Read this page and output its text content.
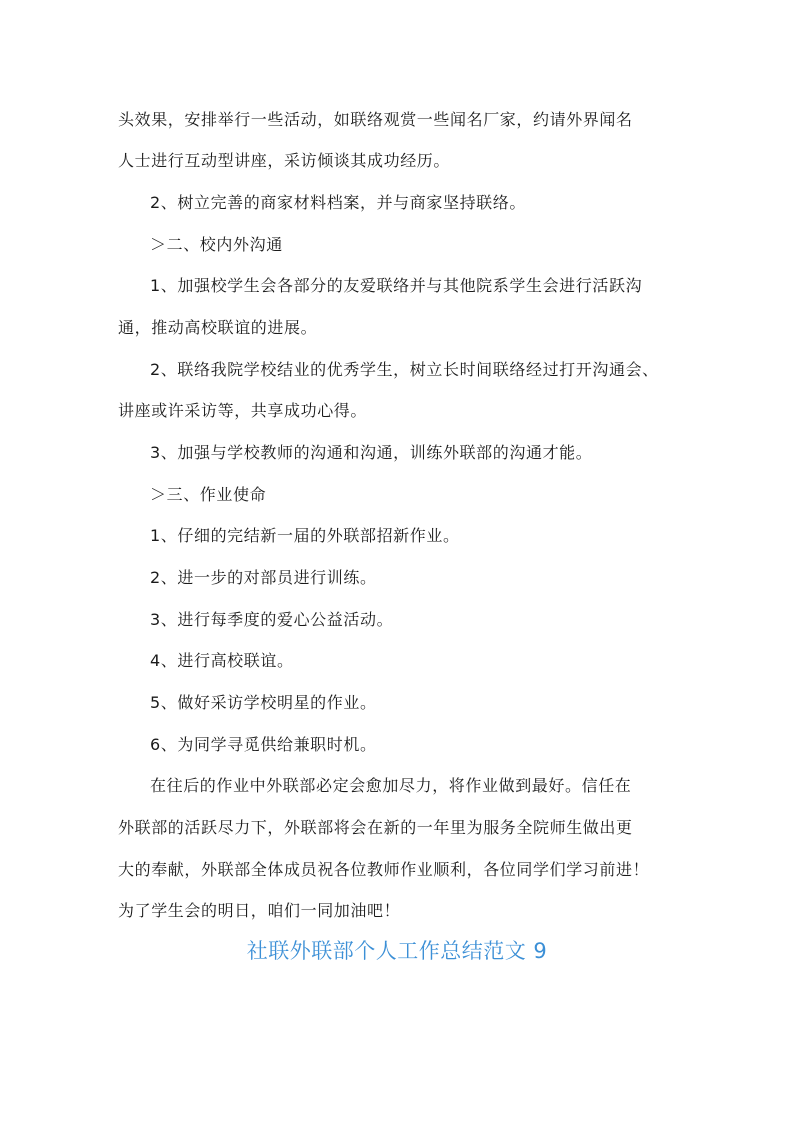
头效果，安排举行一些活动，如联络观赏一些闻名厂家，约请外界闻名
人士进行互动型讲座，采访倾谈其成功经历。
2、树立完善的商家材料档案，并与商家坚持联络。
＞二、校内外沟通
1、加强校学生会各部分的友爱联络并与其他院系学生会进行活跃沟
通，推动高校联谊的进展。
2、联络我院学校结业的优秀学生，树立长时间联络经过打开沟通会、
讲座或许采访等，共享成功心得。
3、加强与学校教师的沟通和沟通，训练外联部的沟通才能。
＞三、作业使命
1、仔细的完结新一届的外联部招新作业。
2、进一步的对部员进行训练。
3、进行每季度的爱心公益活动。
4、进行高校联谊。
5、做好采访学校明星的作业。
6、为同学寻觅供给兼职时机。
在往后的作业中外联部必定会愈加尽力，将作业做到最好。信任在
外联部的活跃尽力下，外联部将会在新的一年里为服务全院师生做出更
大的奉献，外联部全体成员祝各位教师作业顺利，各位同学们学习前进！
为了学生会的明日，咱们一同加油吧！
社联外联部个人工作总结范文 9
